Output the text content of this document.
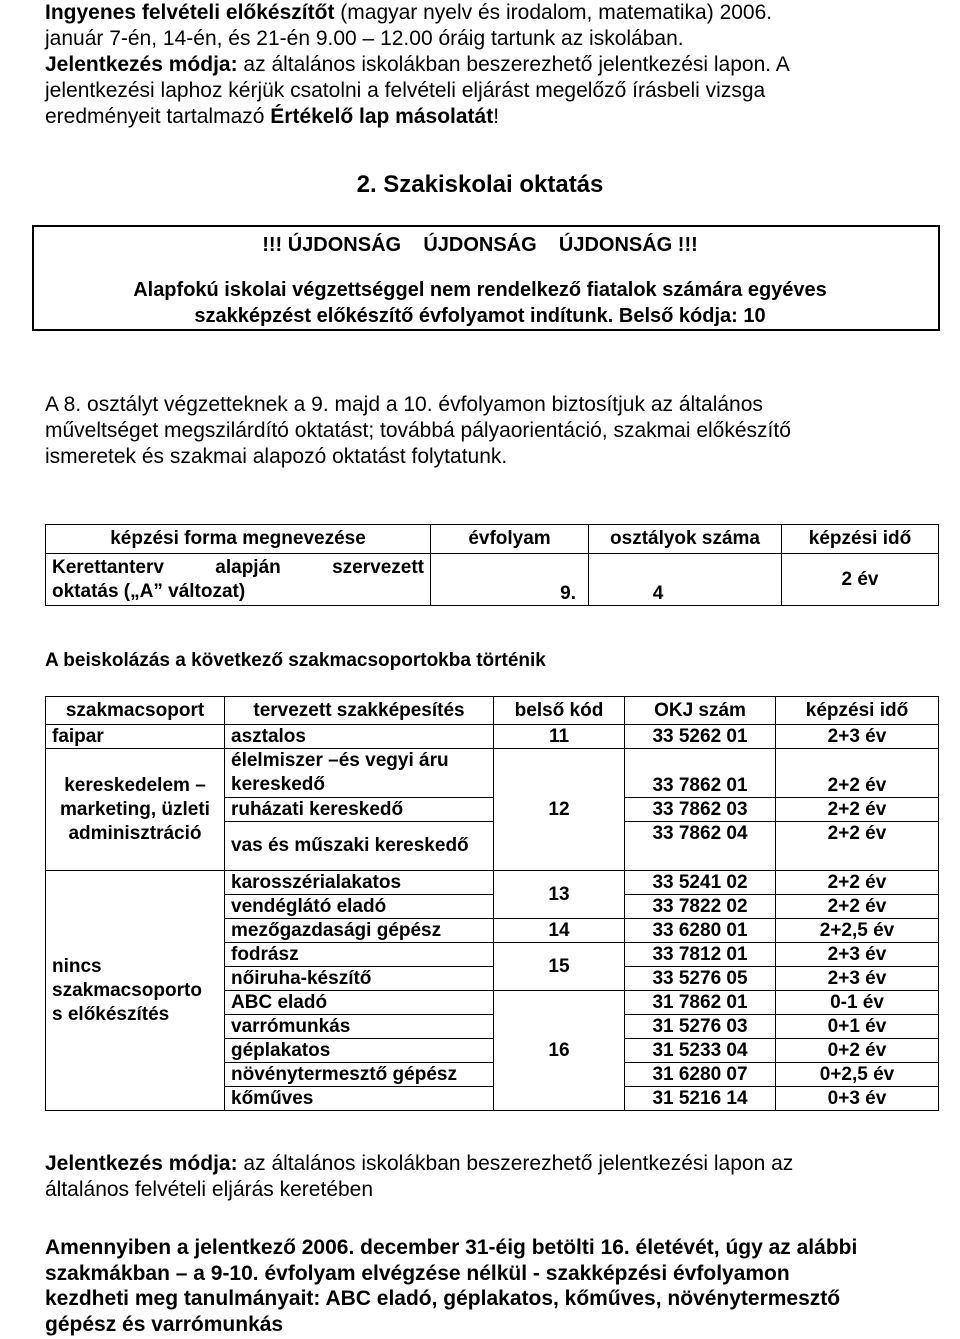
Ingyenes felvételi előkészítőt (magyar nyelv és irodalom, matematika) 2006.
január 7-én, 14-én, és 21-én 9.00 – 12.00 óráig tartunk az iskolában.
Jelentkezés módja: az általános iskolákban beszerezhető jelentkezési lapon. A
jelentkezési laphoz kérjük csatolni a felvételi eljárást megelőző írásbeli vizsga
eredményeit tartalmazó Értékelő lap másolatát!
2. Szakiskolai oktatás
!!! ÚJDONSÁG    ÚJDONSÁG    ÚJDONSÁG !!!
Alapfokú iskolai végzettséggel nem rendelkező fiatalok számára egyéves
szakképzést előkészítő évfolyamot indítunk. Belső kódja: 10
A 8. osztályt végzetteknek a 9. majd a 10. évfolyamon biztosítjuk az általános
műveltséget megszilárdító oktatást; továbbá pályaorientáció, szakmai előkészítő
ismeretek és szakmai alapozó oktatást folytatunk.
képzési forma megnevezése	évfolyam	osztályok száma	képzési idő

Kerettanterv alapján szervezett
oktatás („A” változat)	9.	4	2 év
A beiskolázás a következő szakmacsoportokba történik
szakmacsoport	tervezett szakképesítés	belső kód	OKJ szám	képzési idő
faipar	asztalos	11	33 5262 01	2+3 év

kereskedelem –
marketing, üzleti
adminisztráció	élelmiszer –és vegyi áru kereskedő	12	33 7862 01	2+2 év
	ruházati kereskedő		33 7862 03	2+2 év
	vas és műszaki kereskedő		33 7862 04	2+2 év

nincs
szakmacsoporto
s előkészítés	karosszérialakatos	13	33 5241 02	2+2 év
	vendéglátó eladó		33 7822 02	2+2 év
	mezőgazdasági gépész	14	33 6280 01	2+2,5 év
	fodrász	15	33 7812 01	2+3 év
	nőiruha-készítő		33 5276 05	2+3 év
	ABC eladó	16	31 7862 01	0-1 év
	varrómunkás		31 5276 03	0+1 év
	géplakatos		31 5233 04	0+2 év
	növénytermesztő gépész		31 6280 07	0+2,5 év
	kőműves		31 5216 14	0+3 év
Jelentkezés módja: az általános iskolákban beszerezhető jelentkezési lapon az
általános felvételi eljárás keretében
Amennyiben a jelentkező 2006. december 31-éig betölti 16. életévét, úgy az alábbi
szakmákban – a 9-10. évfolyam elvégzése nélkül - szakképzési évfolyamon
kezdheti meg tanulmányait: ABC eladó, géplakatos, kőműves, növénytermesztő
gépész és varrómunkás
